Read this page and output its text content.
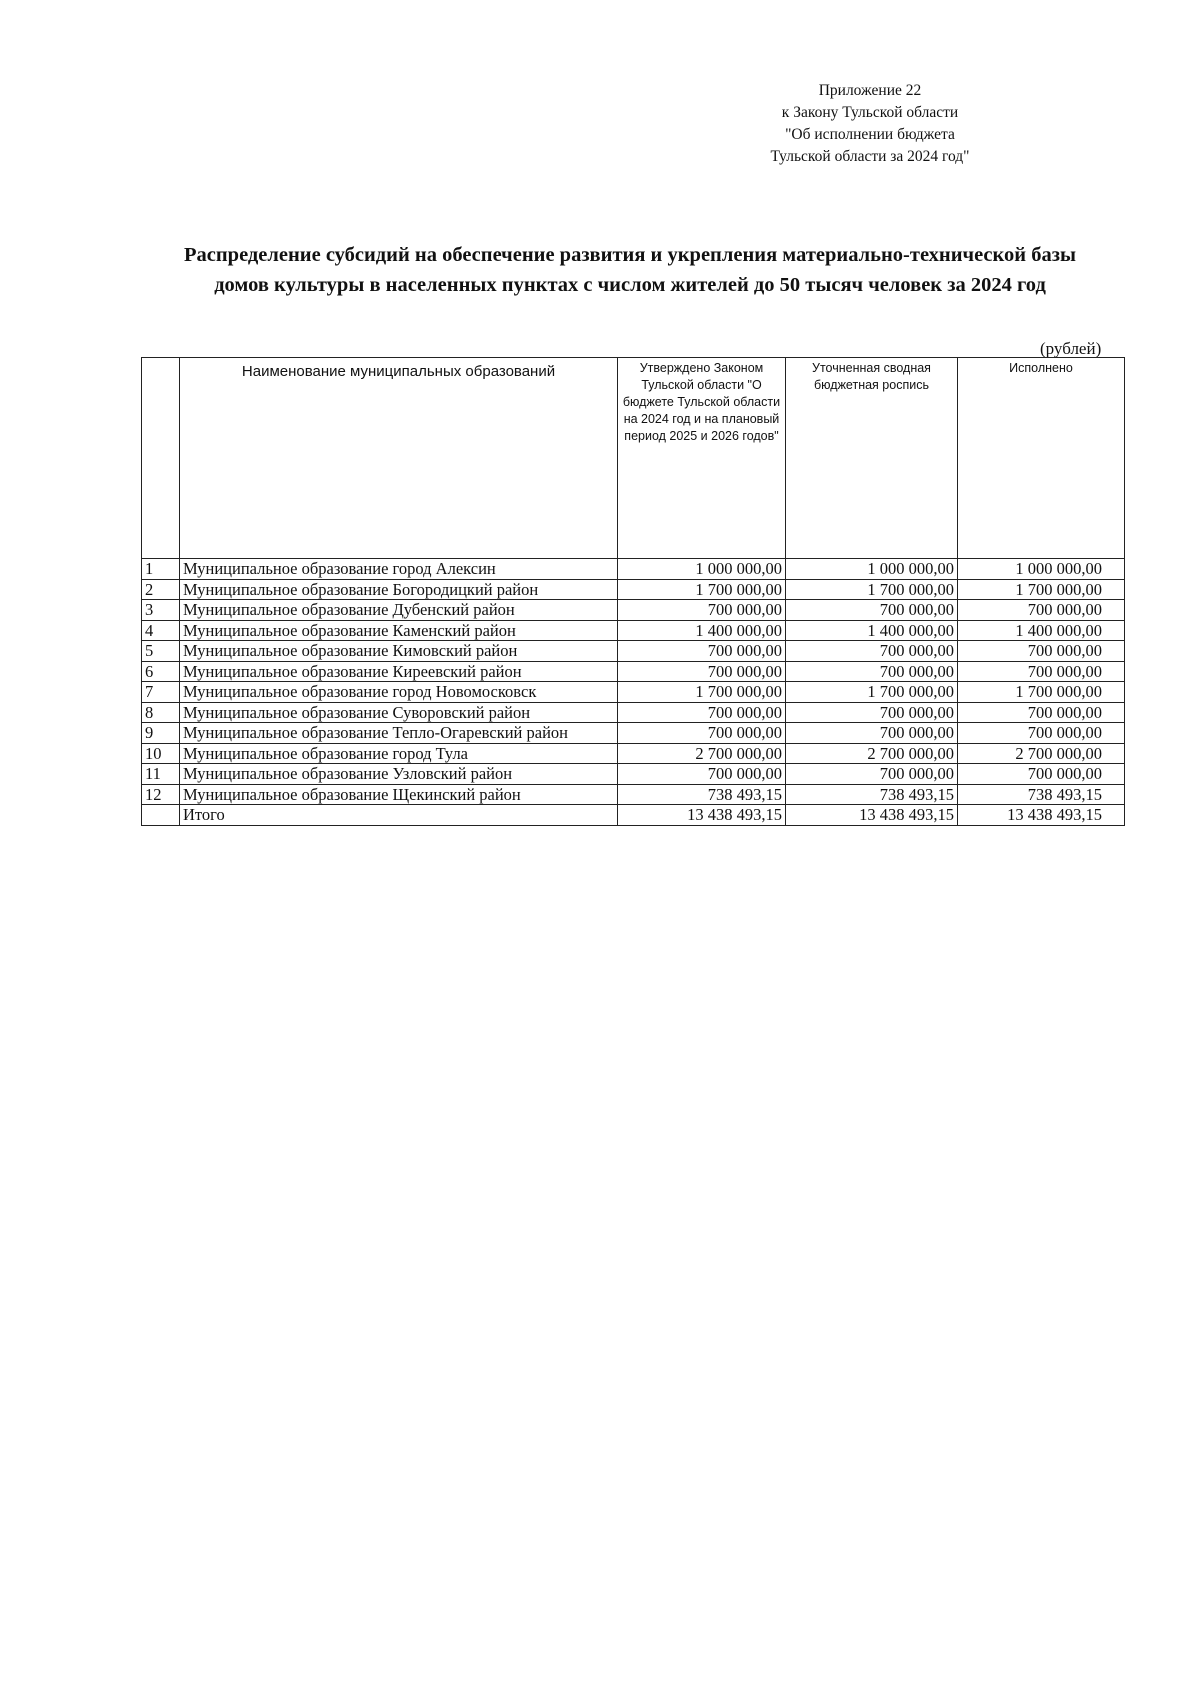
Приложение 22
к Закону Тульской области
"Об исполнении бюджета
Тульской области за 2024 год"
Распределение субсидий на обеспечение развития и укрепления материально-технической базы
домов культуры в населенных пунктах с числом жителей до 50 тысяч человек за 2024 год
(рублей)
	Наименование муниципальных образований	Утверждено Законом Тульской области "О бюджете Тульской области на 2024 год и на плановый период 2025 и 2026 годов"	Уточненная сводная бюджетная роспись	Исполнено
1	Муниципальное образование город Алексин	1 000 000,00	1 000 000,00	1 000 000,00
2	Муниципальное образование Богородицкий район	1 700 000,00	1 700 000,00	1 700 000,00
3	Муниципальное образование Дубенский район	700 000,00	700 000,00	700 000,00
4	Муниципальное образование Каменский район	1 400 000,00	1 400 000,00	1 400 000,00
5	Муниципальное образование Кимовский район	700 000,00	700 000,00	700 000,00
6	Муниципальное образование Киреевский район	700 000,00	700 000,00	700 000,00
7	Муниципальное образование город Новомосковск	1 700 000,00	1 700 000,00	1 700 000,00
8	Муниципальное образование Суворовский район	700 000,00	700 000,00	700 000,00
9	Муниципальное образование Тепло-Огаревский район	700 000,00	700 000,00	700 000,00
10	Муниципальное образование город Тула	2 700 000,00	2 700 000,00	2 700 000,00
11	Муниципальное образование Узловский район	700 000,00	700 000,00	700 000,00
12	Муниципальное образование Щекинский район	738 493,15	738 493,15	738 493,15
	Итого	13 438 493,15	13 438 493,15	13 438 493,15
